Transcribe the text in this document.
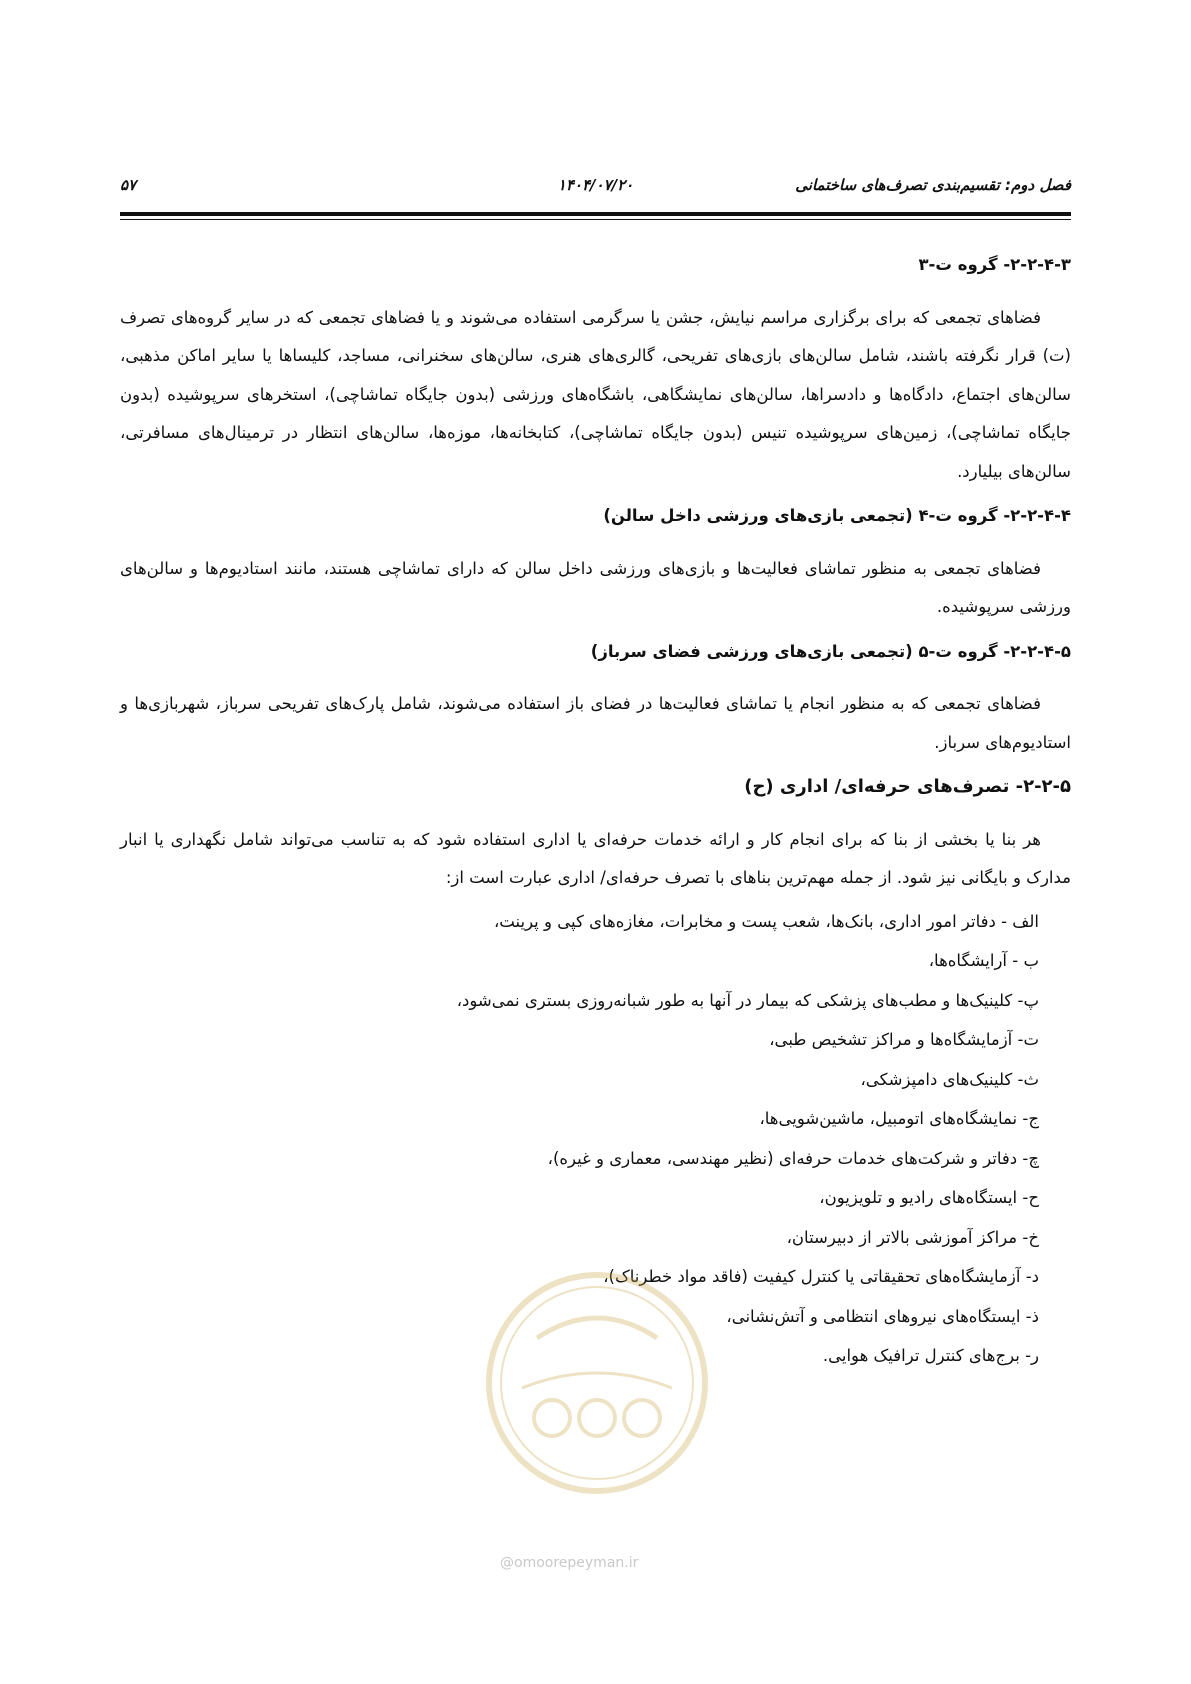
فصل دوم: تقسیم‌بندی تصرف‌های ساختمانی
۱۴۰۴/۰۷/۲۰
۵۷
۲-۲-۴-۳- گروه ت-۳

فضاهای تجمعی که برای برگزاری مراسم نیایش، جشن یا سرگرمی استفاده می‌شوند و یا فضاهای تجمعی که در سایر گروه‌های تصرف (ت) قرار نگرفته باشند، شامل سالن‌های بازی‌های تفریحی، گالری‌های هنری، سالن‌های سخنرانی، مساجد، کلیساها یا سایر اماکن مذهبی، سالن‌های اجتماع، دادگاه‌ها و دادسراها، سالن‌های نمایشگاهی، باشگاه‌های ورزشی (بدون جایگاه تماشاچی)، استخرهای سرپوشیده (بدون جایگاه تماشاچی)، زمین‌های سرپوشیده تنیس (بدون جایگاه تماشاچی)، کتابخانه‌ها، موزه‌ها، سالن‌های انتظار در ترمینال‌های مسافرتی، سالن‌های بیلیارد.

۲-۲-۴-۴- گروه ت-۴ (تجمعی بازی‌های ورزشی داخل سالن)

فضاهای تجمعی به منظور تماشای فعالیت‌ها و بازی‌های ورزشی داخل سالن که دارای تماشاچی هستند، مانند استادیوم‌ها و سالن‌های ورزشی سرپوشیده.

۲-۲-۴-۵- گروه ت-۵ (تجمعی بازی‌های ورزشی فضای سرباز)

فضاهای تجمعی که به منظور انجام یا تماشای فعالیت‌ها در فضای باز استفاده می‌شوند، شامل پارک‌های تفریحی سرباز، شهربازی‌ها و استادیوم‌های سرباز.

۲-۲-۵- تصرف‌های حرفه‌ای/ اداری (ح)

هر بنا یا بخشی از بنا که برای انجام کار و ارائه خدمات حرفه‌ای یا اداری استفاده شود که به تناسب می‌تواند شامل نگهداری یا انبار مدارک و بایگانی نیز شود. از جمله مهم‌ترین بناهای با تصرف حرفه‌ای/ اداری عبارت است از:

الف - دفاتر امور اداری، بانک‌ها، شعب پست و مخابرات، مغازه‌های کپی و پرینت،
ب - آرایشگاه‌ها،
پ- کلینیک‌ها و مطب‌های پزشکی که بیمار در آنها به طور شبانه‌روزی بستری نمی‌شود،
ت- آزمایشگاه‌ها و مراکز تشخیص طبی،
ث- کلینیک‌های دامپزشکی،
ج- نمایشگاه‌های اتومبیل، ماشین‌شویی‌ها،
چ- دفاتر و شرکت‌های خدمات حرفه‌ای (نظیر مهندسی، معماری و غیره)،
ح- ایستگاه‌های رادیو و تلویزیون،
خ- مراکز آموزشی بالاتر از دبیرستان،
د- آزمایشگاه‌های تحقیقاتی یا کنترل کیفیت (فاقد مواد خطرناک)،
ذ- ایستگاه‌های نیروهای انتظامی و آتش‌نشانی،
ر- برج‌های کنترل ترافیک هوایی.
@omoorepeyman.ir
